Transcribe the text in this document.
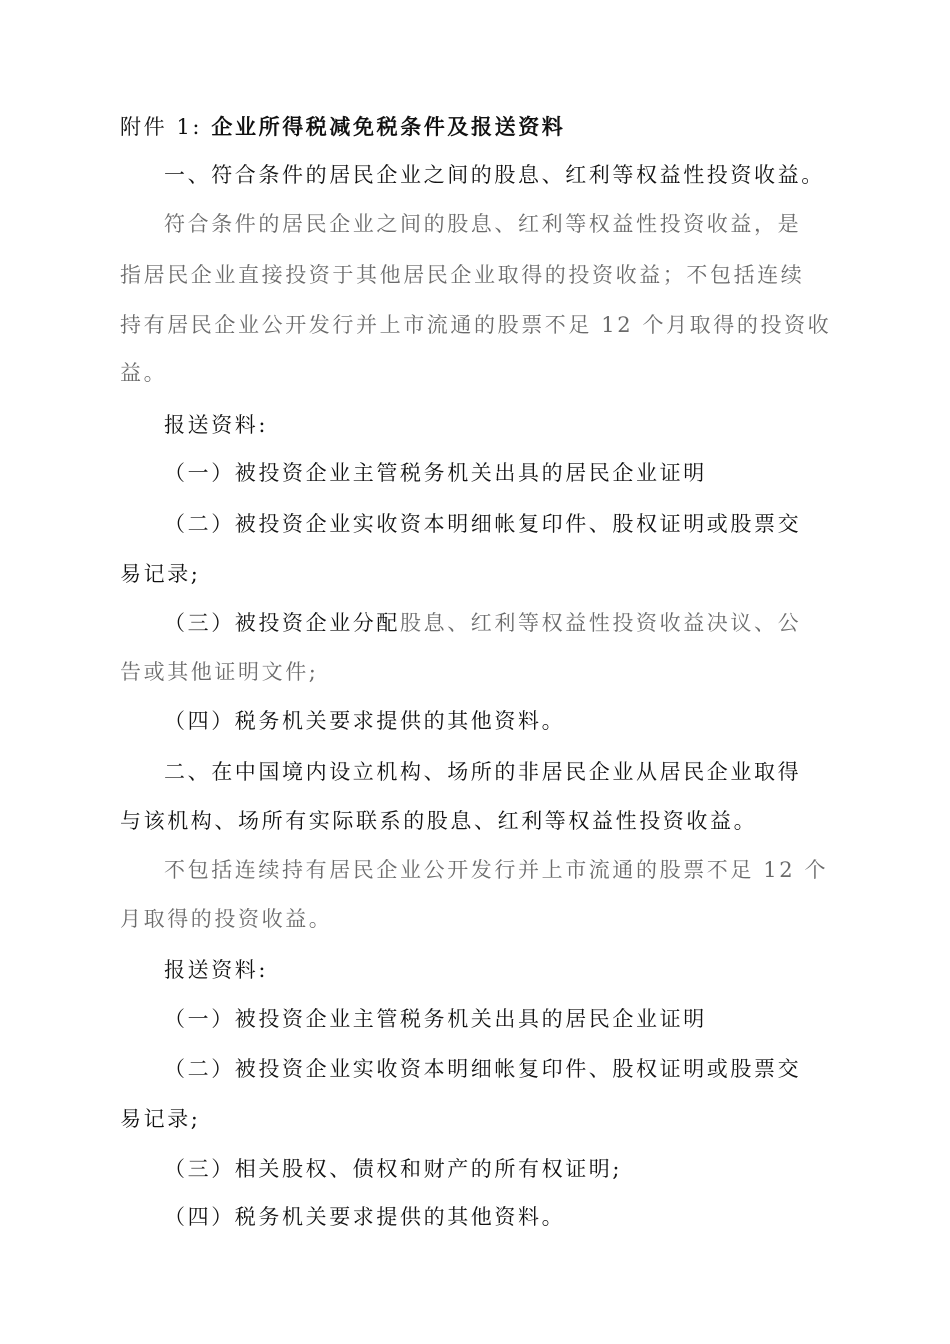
附件 1: 企业所得税减免税条件及报送资料
一、符合条件的居民企业之间的股息、红利等权益性投资收益。
符合条件的居民企业之间的股息、红利等权益性投资收益，是
指居民企业直接投资于其他居民企业取得的投资收益；不包括连续
持有居民企业公开发行并上市流通的股票不足 12 个月取得的投资收
益。
报送资料:
（一）被投资企业主管税务机关出具的居民企业证明
（二）被投资企业实收资本明细帐复印件、股权证明或股票交
易记录;
（三）被投资企业分配股息、红利等权益性投资收益决议、公
告或其他证明文件;
（四）税务机关要求提供的其他资料。
二、在中国境内设立机构、场所的非居民企业从居民企业取得
与该机构、场所有实际联系的股息、红利等权益性投资收益。
不包括连续持有居民企业公开发行并上市流通的股票不足 12 个
月取得的投资收益。
报送资料:
（一）被投资企业主管税务机关出具的居民企业证明
（二）被投资企业实收资本明细帐复印件、股权证明或股票交
易记录;
（三）相关股权、债权和财产的所有权证明;
（四）税务机关要求提供的其他资料。
